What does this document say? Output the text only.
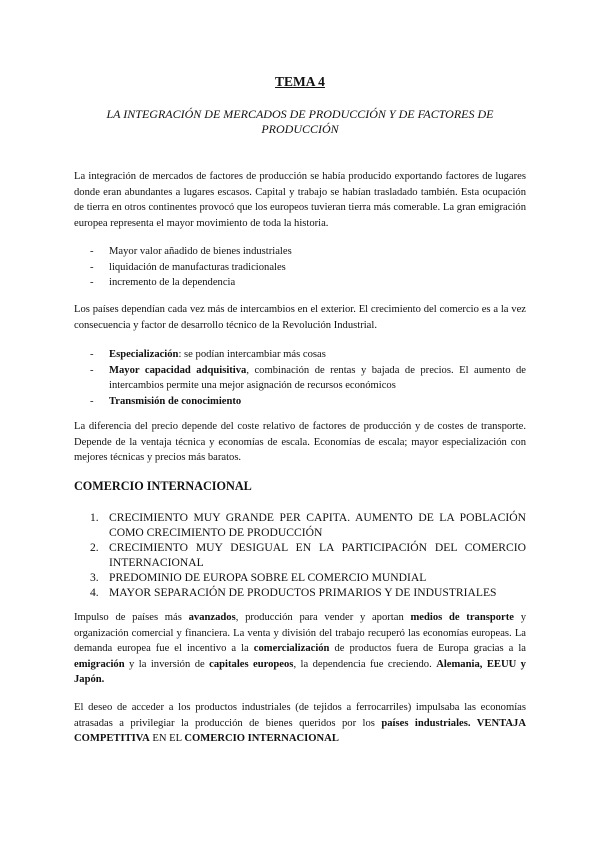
TEMA 4
LA INTEGRACIÓN DE MERCADOS DE PRODUCCIÓN Y DE FACTORES DE PRODUCCIÓN

La integración de mercados de factores de producción se había producido exportando factores de lugares donde eran abundantes a lugares escasos. Capital y trabajo se habían trasladado también. Esta ocupación de tierra en otros continentes provocó que los europeos tuvieran tierra más comerable. La gran emigración europea representa el mayor movimiento de toda la historia.

- Mayor valor añadido de bienes industriales
- liquidación de manufacturas tradicionales
- incremento de la dependencia

Los países dependían cada vez más de intercambios en el exterior. El crecimiento del comercio es a la vez consecuencia y factor de desarrollo técnico de la Revolución Industrial.

- Especialización: se podían intercambiar más cosas
- Mayor capacidad adquisitiva, combinación de rentas y bajada de precios. El aumento de intercambios permite una mejor asignación de recursos económicos
- Transmisión de conocimiento

La diferencia del precio depende del coste relativo de factores de producción y de costes de transporte. Depende de la ventaja técnica y economías de escala. Economías de escala; mayor especialización con mejores técnicas y precios más baratos.

COMERCIO INTERNACIONAL
1. CRECIMIENTO MUY GRANDE PER CAPITA. AUMENTO DE LA POBLACIÓN COMO CRECIMIENTO DE PRODUCCIÓN
2. CRECIMIENTO MUY DESIGUAL EN LA PARTICIPACIÓN DEL COMERCIO INTERNACIONAL
3. PREDOMINIO DE EUROPA SOBRE EL COMERCIO MUNDIAL
4. MAYOR SEPARACIÓN DE PRODUCTOS PRIMARIOS Y DE INDUSTRIALES

Impulso de países más avanzados, producción para vender y aportan medios de transporte y organización comercial y financiera. La venta y división del trabajo recuperó las economías europeas. La demanda europea fue el incentivo a la comercialización de productos fuera de Europa gracias a la emigración y la inversión de capitales europeos, la dependencia fue creciendo. Alemania, EEUU y Japón.

El deseo de acceder a los productos industriales (de tejidos a ferrocarriles) impulsaba las economías atrasadas a privilegiar la producción de bienes queridos por los países industriales. VENTAJA COMPETITIVA EN EL COMERCIO INTERNACIONAL
